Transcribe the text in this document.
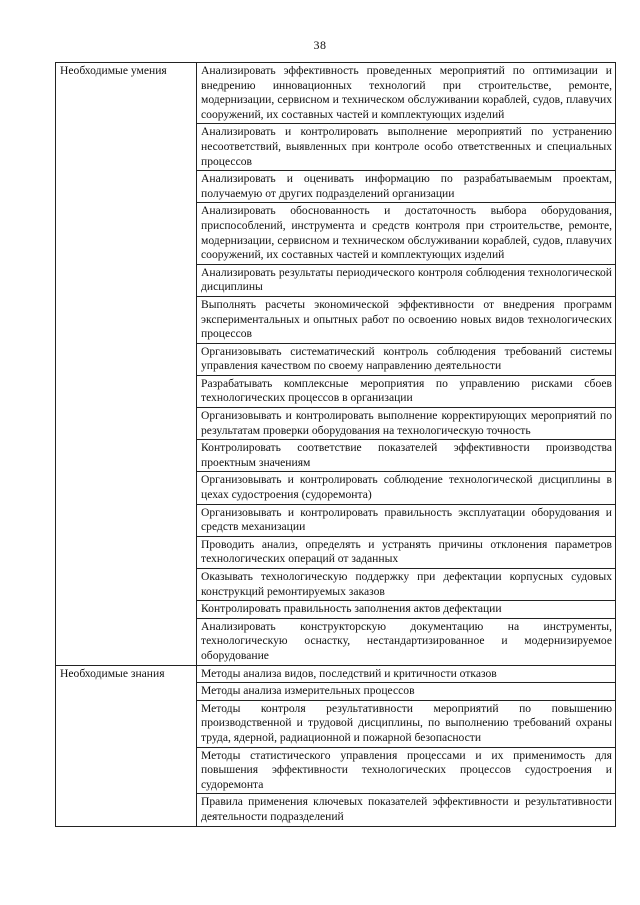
38
Необходимые умения	Анализировать эффективность проведенных мероприятий по оптимизации и внедрению инновационных технологий при строительстве, ремонте, модернизации, сервисном и техническом обслуживании кораблей, судов, плавучих сооружений, их составных частей и комплектующих изделий
	Анализировать и контролировать выполнение мероприятий по устранению несоответствий, выявленных при контроле особо ответственных и специальных процессов
	Анализировать и оценивать информацию по разрабатываемым проектам, получаемую от других подразделений организации
	Анализировать обоснованность и достаточность выбора оборудования, приспособлений, инструмента и средств контроля при строительстве, ремонте, модернизации, сервисном и техническом обслуживании кораблей, судов, плавучих сооружений, их составных частей и комплектующих изделий
	Анализировать результаты периодического контроля соблюдения технологической дисциплины
	Выполнять расчеты экономической эффективности от внедрения программ экспериментальных и опытных работ по освоению новых видов технологических процессов
	Организовывать систематический контроль соблюдения требований системы управления качеством по своему направлению деятельности
	Разрабатывать комплексные мероприятия по управлению рисками сбоев технологических процессов в организации
	Организовывать и контролировать выполнение корректирующих мероприятий по результатам проверки оборудования на технологическую точность
	Контролировать соответствие показателей эффективности производства проектным значениям
	Организовывать и контролировать соблюдение технологической дисциплины в цехах судостроения (судоремонта)
	Организовывать и контролировать правильность эксплуатации оборудования и средств механизации
	Проводить анализ, определять и устранять причины отклонения параметров технологических операций от заданных
	Оказывать технологическую поддержку при дефектации корпусных судовых конструкций ремонтируемых заказов
	Контролировать правильность заполнения актов дефектации
	Анализировать конструкторскую документацию на инструменты, технологическую оснастку, нестандартизированное и модернизируемое оборудование
Необходимые знания	Методы анализа видов, последствий и критичности отказов
	Методы анализа измерительных процессов
	Методы контроля результативности мероприятий по повышению производственной и трудовой дисциплины, по выполнению требований охраны труда, ядерной, радиационной и пожарной безопасности
	Методы статистического управления процессами и их применимость для повышения эффективности технологических процессов судостроения и судоремонта
	Правила применения ключевых показателей эффективности и результативности деятельности подразделений
